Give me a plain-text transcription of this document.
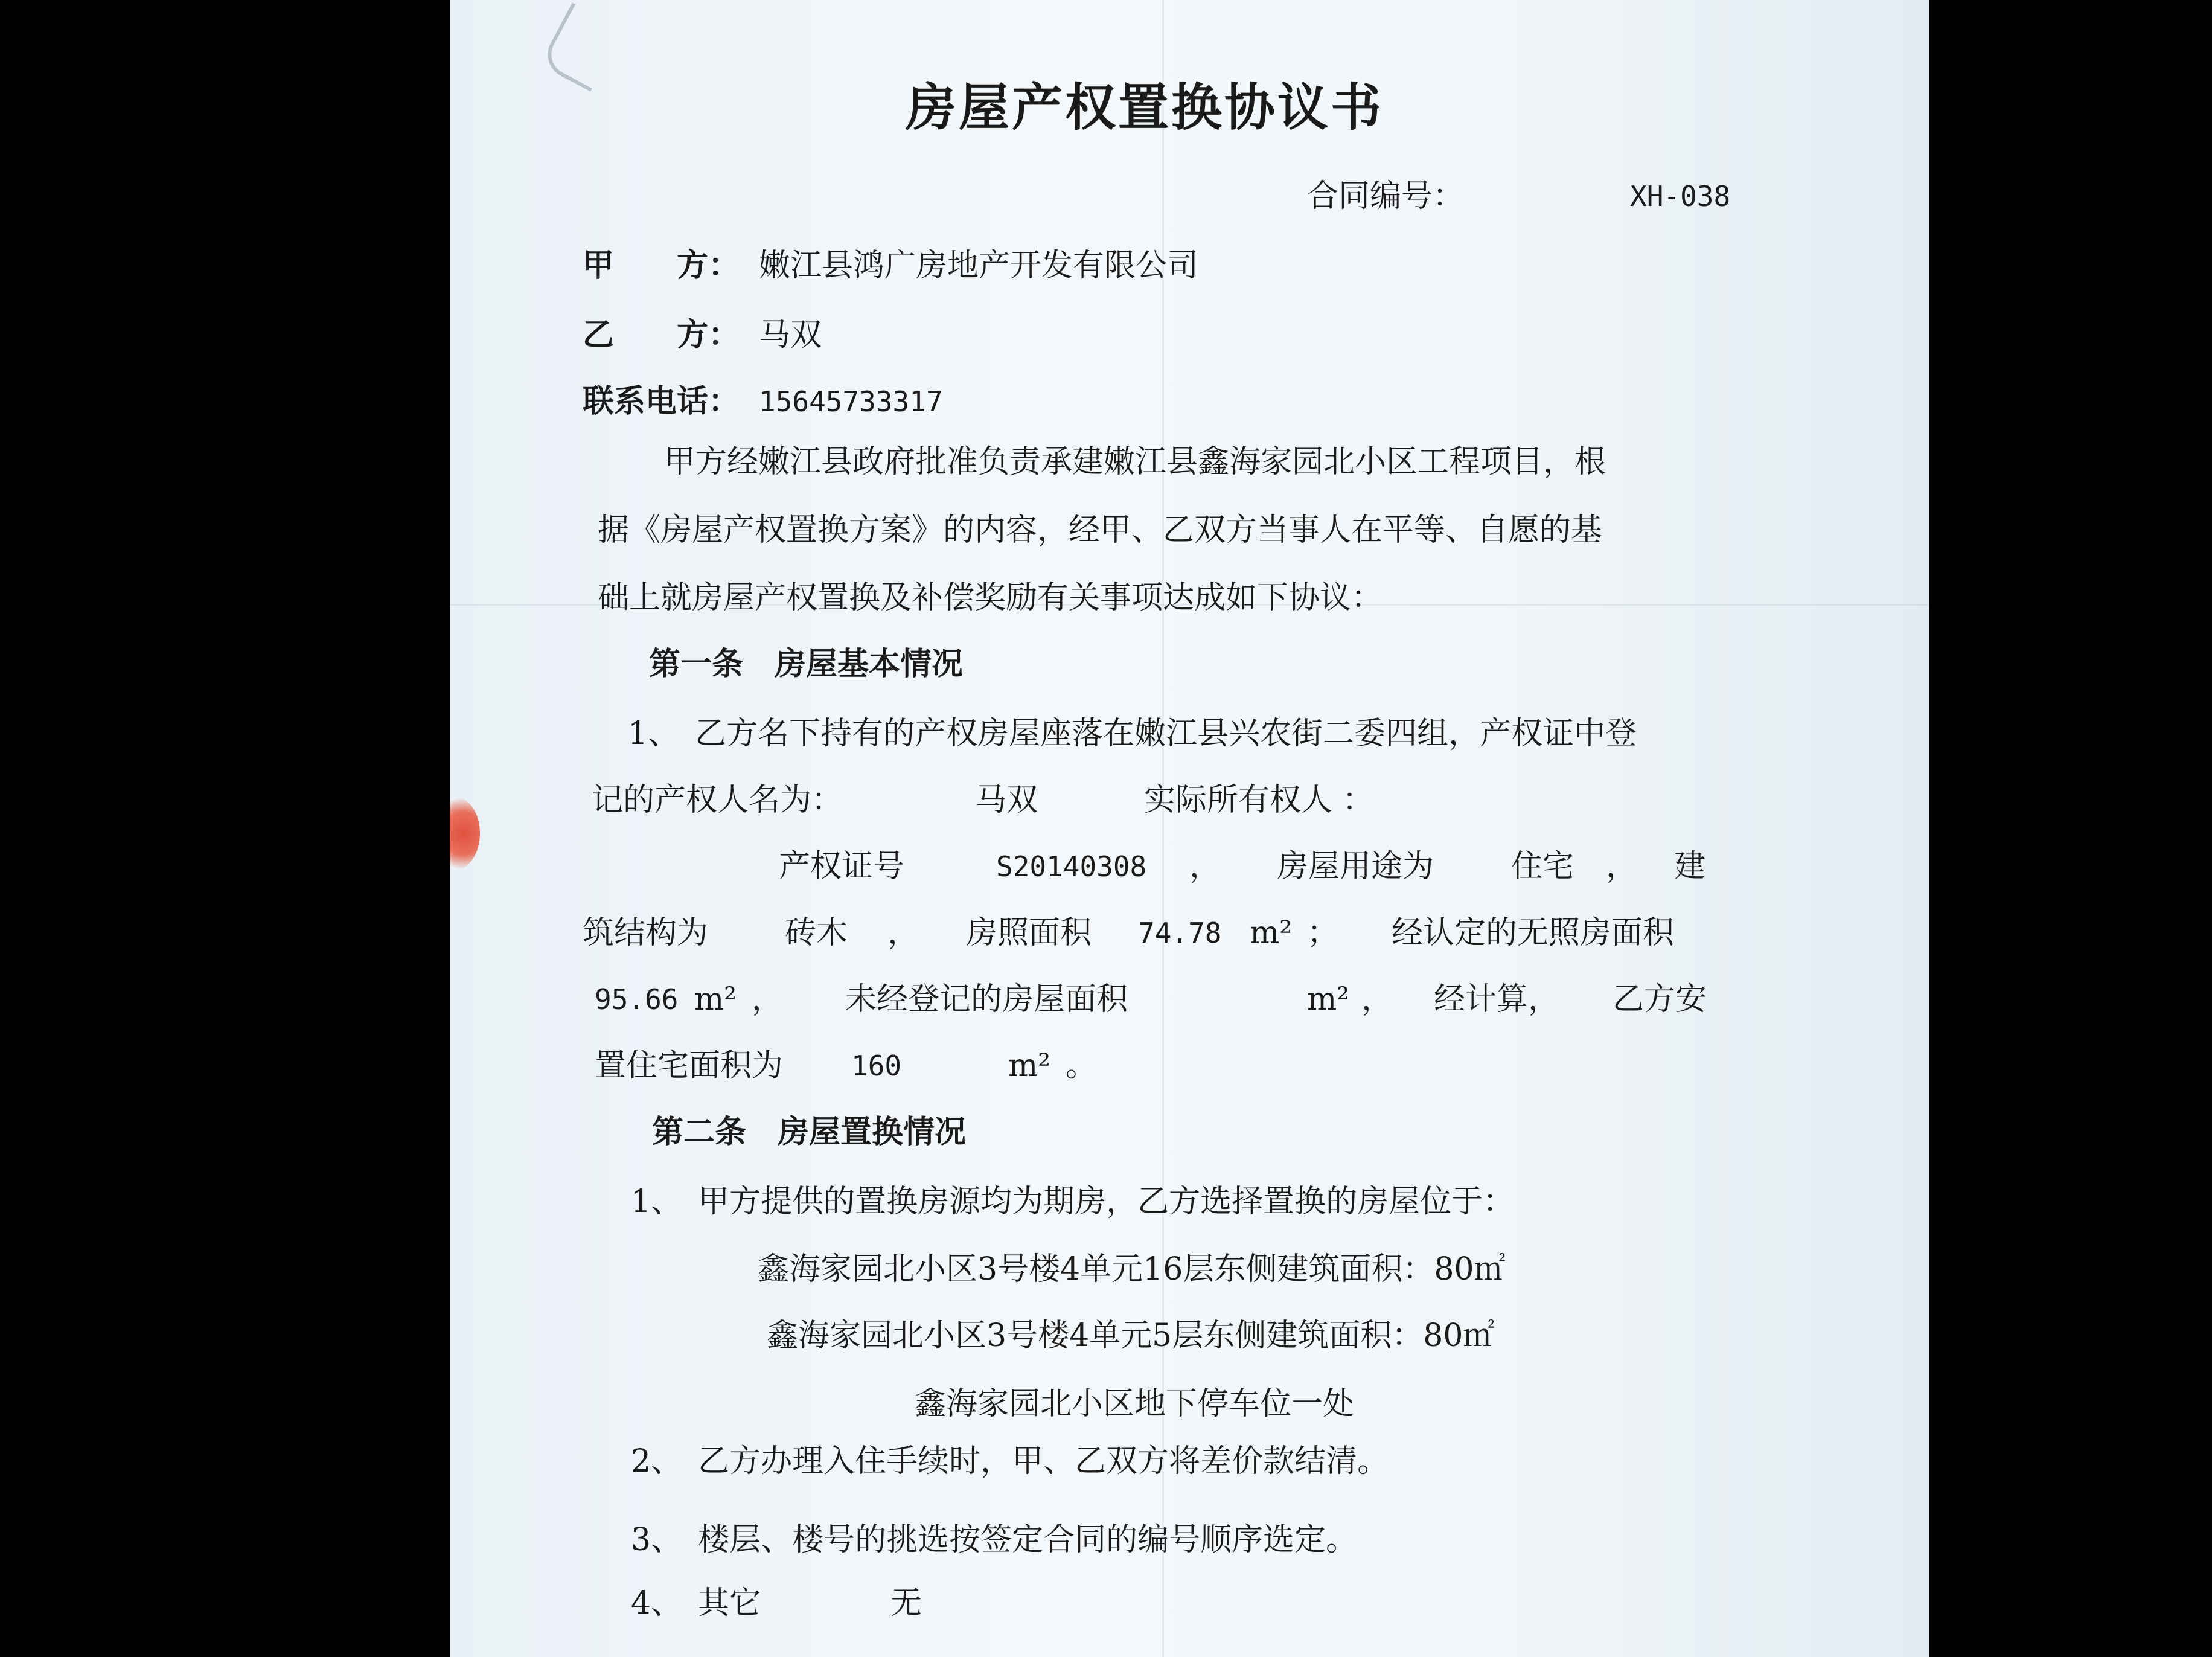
房屋产权置换协议书
合同编号：	XH-038
甲　　方： 嫩江县鸿广房地产开发有限公司
乙　　方： 马双
联系电话： 15645733317
甲方经嫩江县政府批准负责承建嫩江县鑫海家园北小区工程项目，根
据《房屋产权置换方案》的内容，经甲、乙双方当事人在平等、自愿的基
础上就房屋产权置换及补偿奖励有关事项达成如下协议：
第一条　房屋基本情况
1、　乙方名下持有的产权房屋座落在嫩江县兴农街二委四组，产权证中登
记的产权人名为：	马双	实际所有权人 ：
产权证号	S20140308 ， 房屋用途为 住宅 ， 建
筑结构为 砖木 ， 房照面积 74.78 m² ； 经认定的无照房面积
95.66 m² ， 未经登记的房屋面积	m² ， 经计算， 乙方安
置住宅面积为 160	m² 。
第二条　房屋置换情况
1、　甲方提供的置换房源均为期房，乙方选择置换的房屋位于：
鑫海家园北小区3号楼4单元16层东侧建筑面积：80㎡
鑫海家园北小区3号楼4单元5层东侧建筑面积：80㎡
鑫海家园北小区地下停车位一处
2、　乙方办理入住手续时，甲、乙双方将差价款结清。
3、　楼层、楼号的挑选按签定合同的编号顺序选定。
4、　其它	无
